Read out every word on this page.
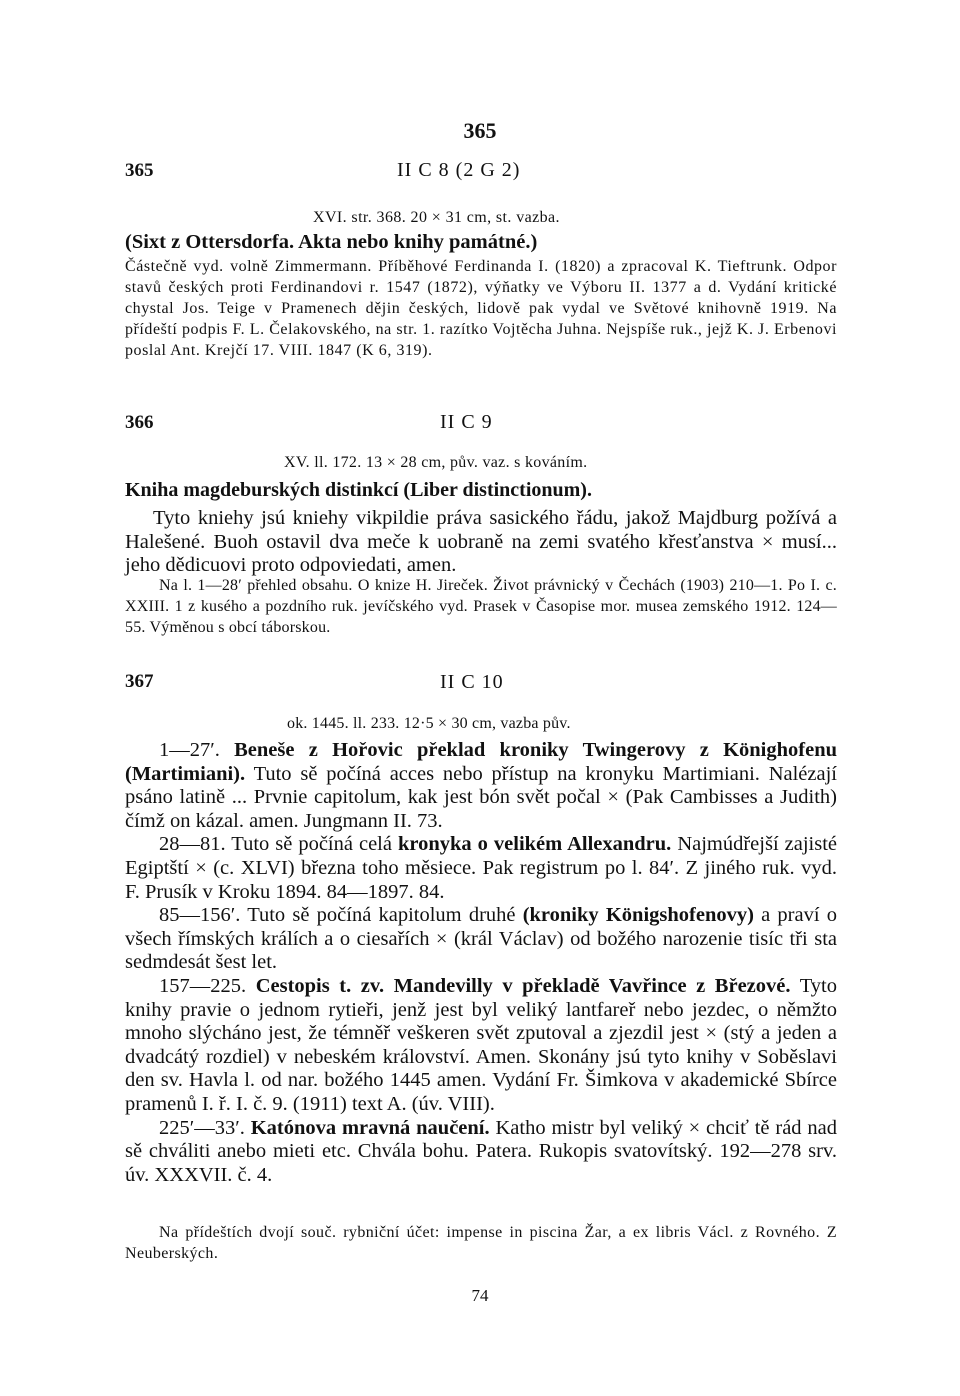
365
365	II C 8 (2 G 2)
XVI. str. 368. 20 × 31 cm, st. vazba.
(Sixt z Ottersdorfa. Akta nebo knihy památné.)
Částečně vyd. volně Zimmermann. Příběhové Ferdinanda I. (1820) a zpracoval K. Tieftrunk. Odpor stavů českých proti Ferdinandovi r. 1547 (1872), výňatky ve Výboru II. 1377 a d. Vydání kritické chystal Jos. Teige v Pramenech dějin českých, lidově pak vydal ve Světové knihovně 1919. Na přídeští podpis F. L. Čelakovského, na str. 1. razítko Vojtěcha Juhna. Nejspíše ruk., jejž K. J. Erbenovi poslal Ant. Krejčí 17. VIII. 1847 (K 6, 319).
366	II C 9
XV. ll. 172. 13 × 28 cm, pův. vaz. s kováním.
Kniha magdeburských distinkcí (Liber distinctionum).
Tyto kniehy jsú kniehy vikpildie práva sasického řádu, jakož Majdburg požívá a Halešené. Buoh ostavil dva meče k uobraně na zemi svatého křesťanstva × musí... jeho dědicuovi proto odpoviedati, amen.
Na l. 1—28′ přehled obsahu. O knize H. Jireček. Život právnický v Čechách (1903) 210—1. Po I. c. XXIII. 1 z kusého a pozdního ruk. jevíčského vyd. Prasek v Časopise mor. musea zemského 1912. 124—55. Výměnou s obcí táborskou.
367	II C 10
ok. 1445. ll. 233. 12·5 × 30 cm, vazba pův.

1—27′. Beneše z Hořovic překlad kroniky Twingerovy z Könighofenu (Martimiani). Tuto sě počíná acces nebo přístup na kronyku Martimiani. Nalézají psáno latině ... Prvnie capitolum, kak jest bón svět počal × (Pak Cambisses a Judith) čímž on kázal. amen. Jungmann II. 73.

28—81. Tuto sě počíná celá kronyka o velikém Allexandru. Najmúdřejší zajisté Egiptští × (c. XLVI) března toho měsiece. Pak registrum po l. 84′. Z jiného ruk. vyd. F. Prusík v Kroku 1894. 84—1897. 84.

85—156′. Tuto sě počíná kapitolum druhé (kroniky Königshofenovy) a praví o všech římských králích a o ciesařích × (král Václav) od božého narozenie tisíc tři sta sedmdesát šest let.

157—225. Cestopis t. zv. Mandevilly v překladě Vavřince z Březové. Tyto knihy pravie o jednom rytieři, jenž jest byl veliký lantfareř nebo jezdec, o němžto mnoho slýcháno jest, že témněř veškeren svět zputoval a zjezdil jest × (stý a jeden a dvadcátý rozdiel) v nebeském království. Amen. Skonány jsú tyto knihy v Soběslavi den sv. Havla l. od nar. božého 1445 amen. Vydání Fr. Šimkova v akademické Sbírce pramenů I. ř. I. č. 9. (1911) text A. (úv. VIII).

225′—33′. Katónova mravná naučení. Katho mistr byl veliký × chciť tě rád nad sě chváliti anebo mieti etc. Chvála bohu. Patera. Rukopis svatovítský. 192—278 srv. úv. XXXVII. č. 4.

Na přídeštích dvojí souč. rybniční účet: impense in piscina Žar, a ex libris Václ. z Rovného. Z Neuberských.
74
